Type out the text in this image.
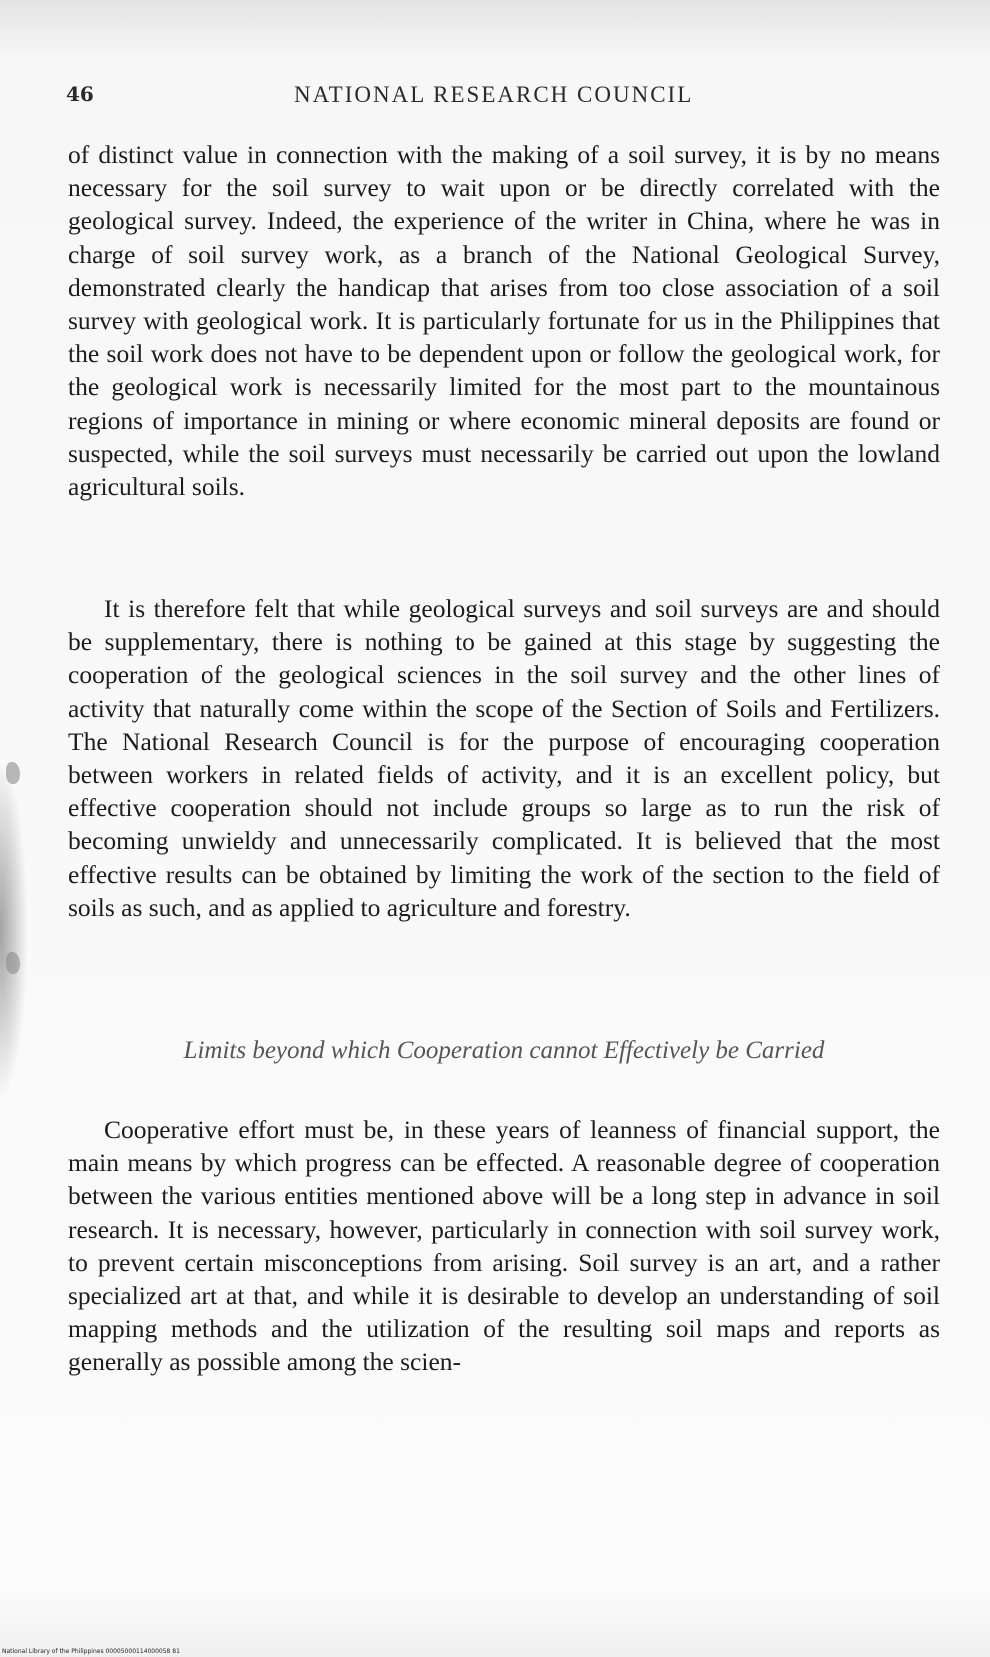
46	NATIONAL RESEARCH COUNCIL

of distinct value in connection with the making of a soil survey, it is by no means necessary for the soil survey to wait upon or be directly correlated with the geological survey. Indeed, the experience of the writer in China, where he was in charge of soil survey work, as a branch of the National Geological Survey, demonstrated clearly the handicap that arises from too close association of a soil survey with geological work. It is particularly fortunate for us in the Philippines that the soil work does not have to be dependent upon or follow the geological work, for the geological work is necessarily limited for the most part to the mountainous regions of importance in mining or where economic mineral deposits are found or suspected, while the soil surveys must necessarily be carried out upon the lowland agricultural soils.

It is therefore felt that while geological surveys and soil surveys are and should be supplementary, there is nothing to be gained at this stage by suggesting the cooperation of the geological sciences in the soil survey and the other lines of activity that naturally come within the scope of the Section of Soils and Fertilizers. The National Research Council is for the purpose of encouraging cooperation between workers in related fields of activity, and it is an excellent policy, but effective cooperation should not include groups so large as to run the risk of becoming unwieldy and unnecessarily complicated. It is believed that the most effective results can be obtained by limiting the work of the section to the field of soils as such, and as applied to agriculture and forestry.

Limits beyond which Cooperation cannot Effectively be Carried

Cooperative effort must be, in these years of leanness of financial support, the main means by which progress can be effected. A reasonable degree of cooperation between the various entities mentioned above will be a long step in advance in soil research. It is necessary, however, particularly in connection with soil survey work, to prevent certain misconceptions from arising. Soil survey is an art, and a rather specialized art at that, and while it is desirable to develop an understanding of soil mapping methods and the utilization of the resulting soil maps and reports as generally as possible among the scien-

National Library of the Philippines 00005000114000058 81
